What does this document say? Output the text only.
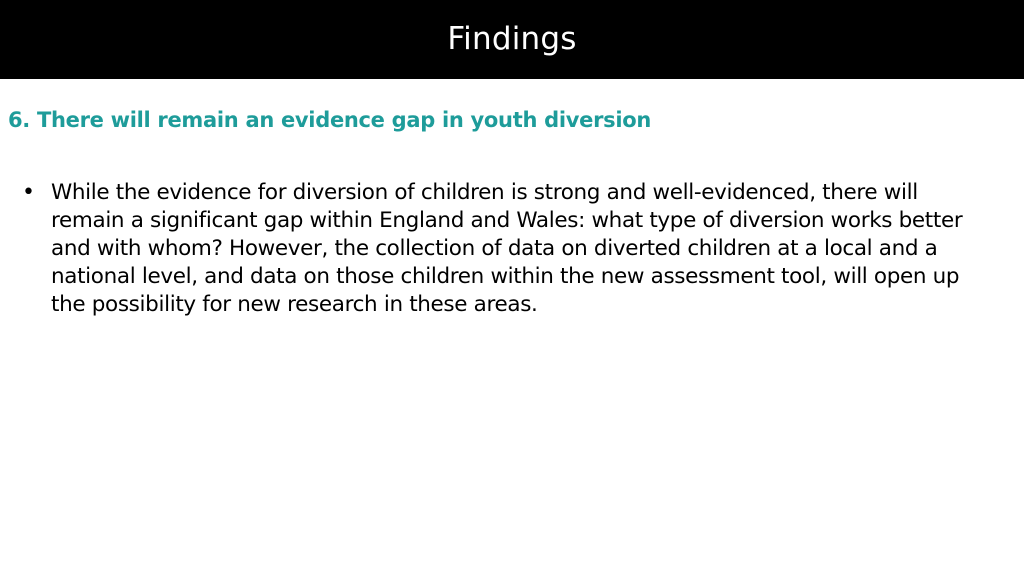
Findings
6. There will remain an evidence gap in youth diversion
• While the evidence for diversion of children is strong and well-evidenced, there will remain a significant gap within England and Wales: what type of diversion works better and with whom? However, the collection of data on diverted children at a local and a national level, and data on those children within the new assessment tool, will open up the possibility for new research in these areas.
